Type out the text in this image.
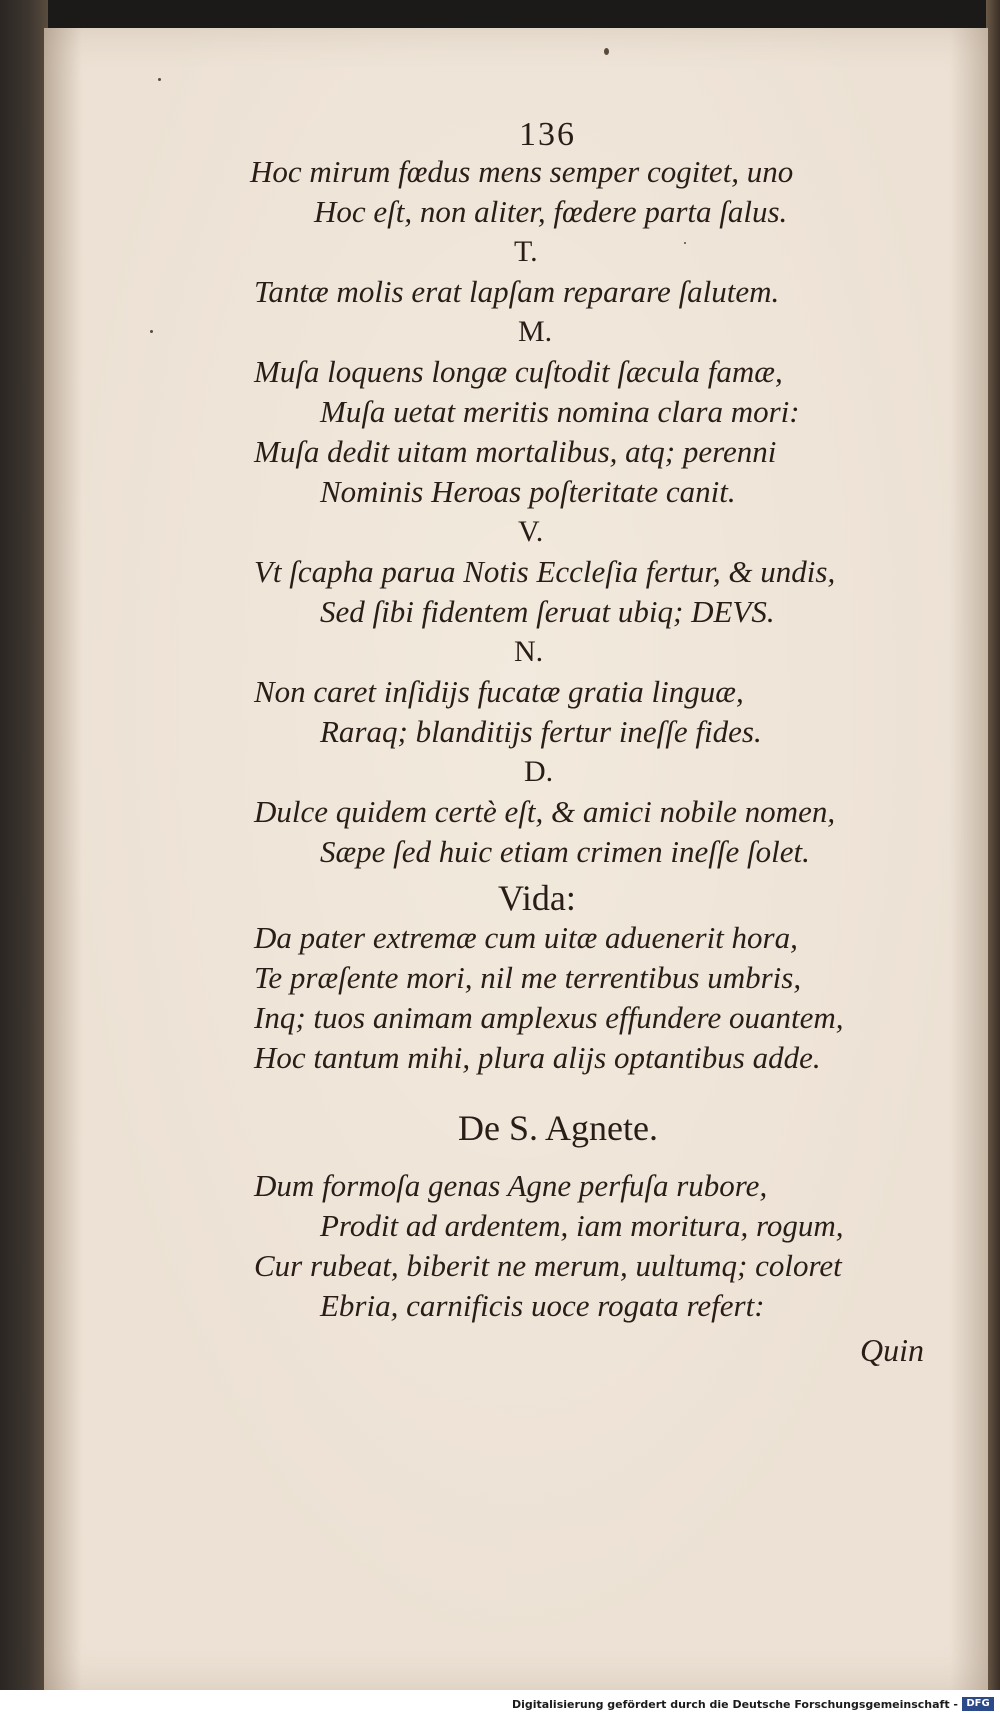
136
Hoc mirum fœdus mens semper cogitet, uno
Hoc eſt, non aliter, fœdere parta ſalus.
T.
Tantæ molis erat lapſam reparare ſalutem.
M.
Muſa loquens longæ cuſtodit ſæcula famæ,
Muſa uetat meritis nomina clara mori:
Muſa dedit uitam mortalibus, atq; perenni
Nominis Heroas poſteritate canit.
V.
Vt ſcapha parua Notis Eccleſia fertur, & undis,
Sed ſibi fidentem ſeruat ubiq; DEVS.
N.
Non caret inſidijs fucatæ gratia linguæ,
Raraq; blanditijs fertur ineſſe fides.
D.
Dulce quidem certè eſt, & amici nobile nomen,
Sæpe ſed huic etiam crimen ineſſe ſolet.
Vida:
Da pater extremæ cum uitæ aduenerit hora,
Te præſente mori, nil me terrentibus umbris,
Inq; tuos animam amplexus effundere ouantem,
Hoc tantum mihi, plura alijs optantibus adde.
De S. Agnete.
Dum formoſa genas Agne perfuſa rubore,
Prodit ad ardentem, iam moritura, rogum,
Cur rubeat, biberit ne merum, uultumq; coloret
Ebria, carnificis uoce rogata refert:
Quin
Digitalisierung gefördert durch die Deutsche Forschungsgemeinschaft - DFG
